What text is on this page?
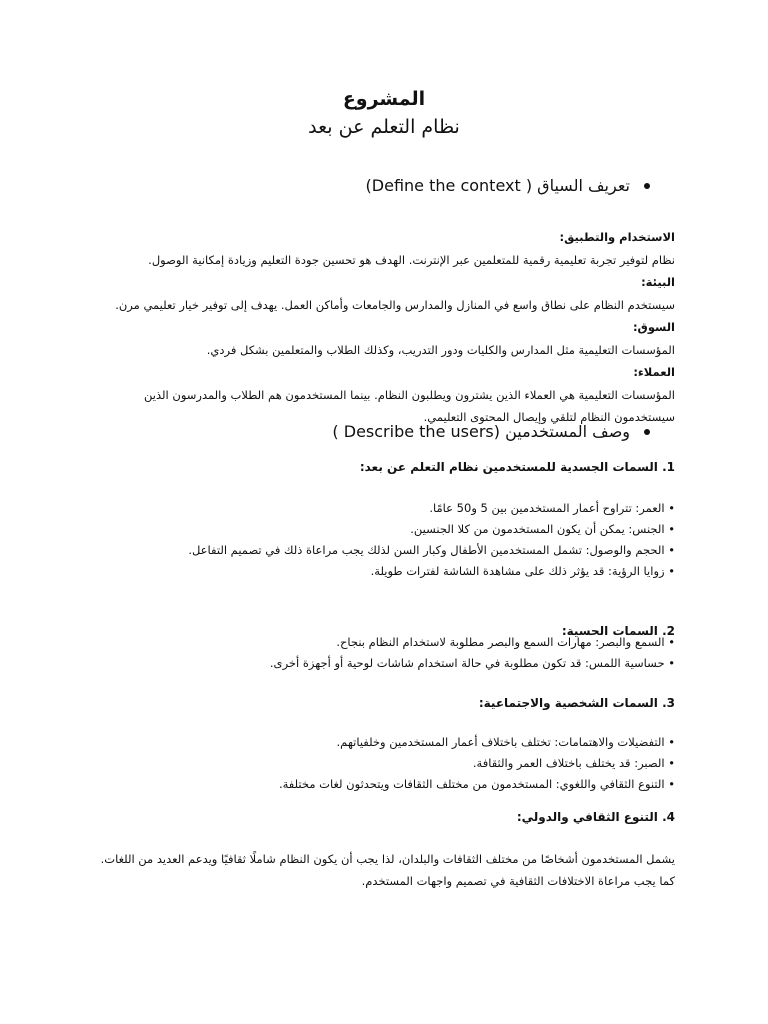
المشروع
نظام التعلم عن بعد
تعريف السياق ( Define the context)
الاستخدام والتطبيق:
نظام لتوفير تجربة تعليمية رقمية للمتعلمين عبر الإنترنت. الهدف هو تحسين جودة التعليم وزيادة إمكانية الوصول.
البيئة:
سيستخدم النظام على نطاق واسع في المنازل والمدارس والجامعات وأماكن العمل. يهدف إلى توفير خيار تعليمي مرن.
السوق:
المؤسسات التعليمية مثل المدارس والكليات ودور التدريب، وكذلك الطلاب والمتعلمين بشكل فردي.
العملاء:
المؤسسات التعليمية هي العملاء الذين يشترون ويطلبون النظام. بينما المستخدمون هم الطلاب والمدرسون الذين
سيستخدمون النظام لتلقي وإيصال المحتوى التعليمي.
وصف المستخدمين (Describe the users )
1. السمات الجسدية للمستخدمين نظام التعلم عن بعد:
• العمر: تتراوح أعمار المستخدمين بين 5 و50 عامًا.
• الجنس: يمكن أن يكون المستخدمون من كلا الجنسين.
• الحجم والوصول: تشمل المستخدمين الأطفال وكبار السن لذلك يجب مراعاة ذلك في تصميم التفاعل.
• زوايا الرؤية: قد يؤثر ذلك على مشاهدة الشاشة لفترات طويلة.
2. السمات الحسية:
• السمع والبصر: مهارات السمع والبصر مطلوبة لاستخدام النظام بنجاح.
• حساسية اللمس: قد تكون مطلوبة في حالة استخدام شاشات لوحية أو أجهزة أخرى.
3. السمات الشخصية والاجتماعية:
• التفضيلات والاهتمامات: تختلف باختلاف أعمار المستخدمين وخلفياتهم.
• الصبر: قد يختلف باختلاف العمر والثقافة.
• التنوع الثقافي واللغوي: المستخدمون من مختلف الثقافات ويتحدثون لغات مختلفة.
4. التنوع الثقافي والدولي:
يشمل المستخدمون أشخاصًا من مختلف الثقافات والبلدان، لذا يجب أن يكون النظام شاملًا ثقافيًا ويدعم العديد من اللغات.
كما يجب مراعاة الاختلافات الثقافية في تصميم واجهات المستخدم.
